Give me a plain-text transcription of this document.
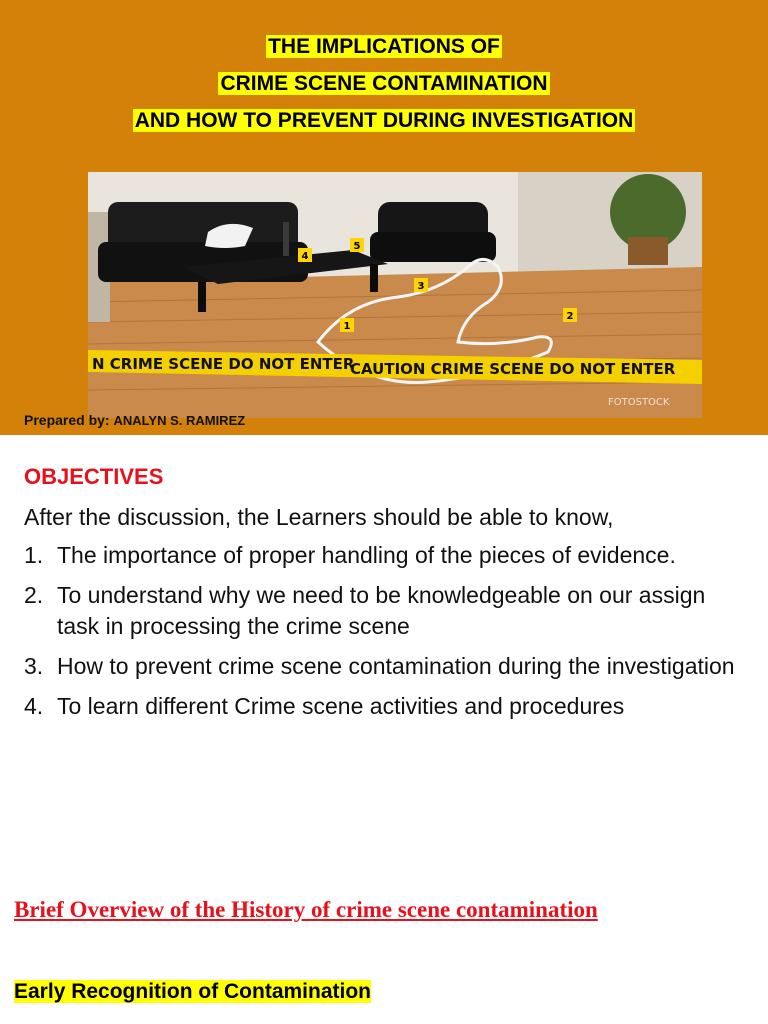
THE IMPLICATIONS OF
CRIME SCENE CONTAMINATION
AND HOW TO PREVENT DURING INVESTIGATION
1
2
3
4
5
N CRIME SCENE DO NOT ENTER
CAUTION CRIME SCENE DO NOT ENTER
FOTOSTOCK
Prepared by: ANALYN S. RAMIREZ
OBJECTIVES
After the discussion, the Learners should be able to know,
1. The importance of proper handling of the pieces of evidence.
2. To understand why we need to be knowledgeable on our assign task in processing the crime scene
3. How to prevent crime scene contamination during the investigation
4. To learn different Crime scene activities and procedures
Brief Overview of the History of crime scene contamination
Early Recognition of Contamination
